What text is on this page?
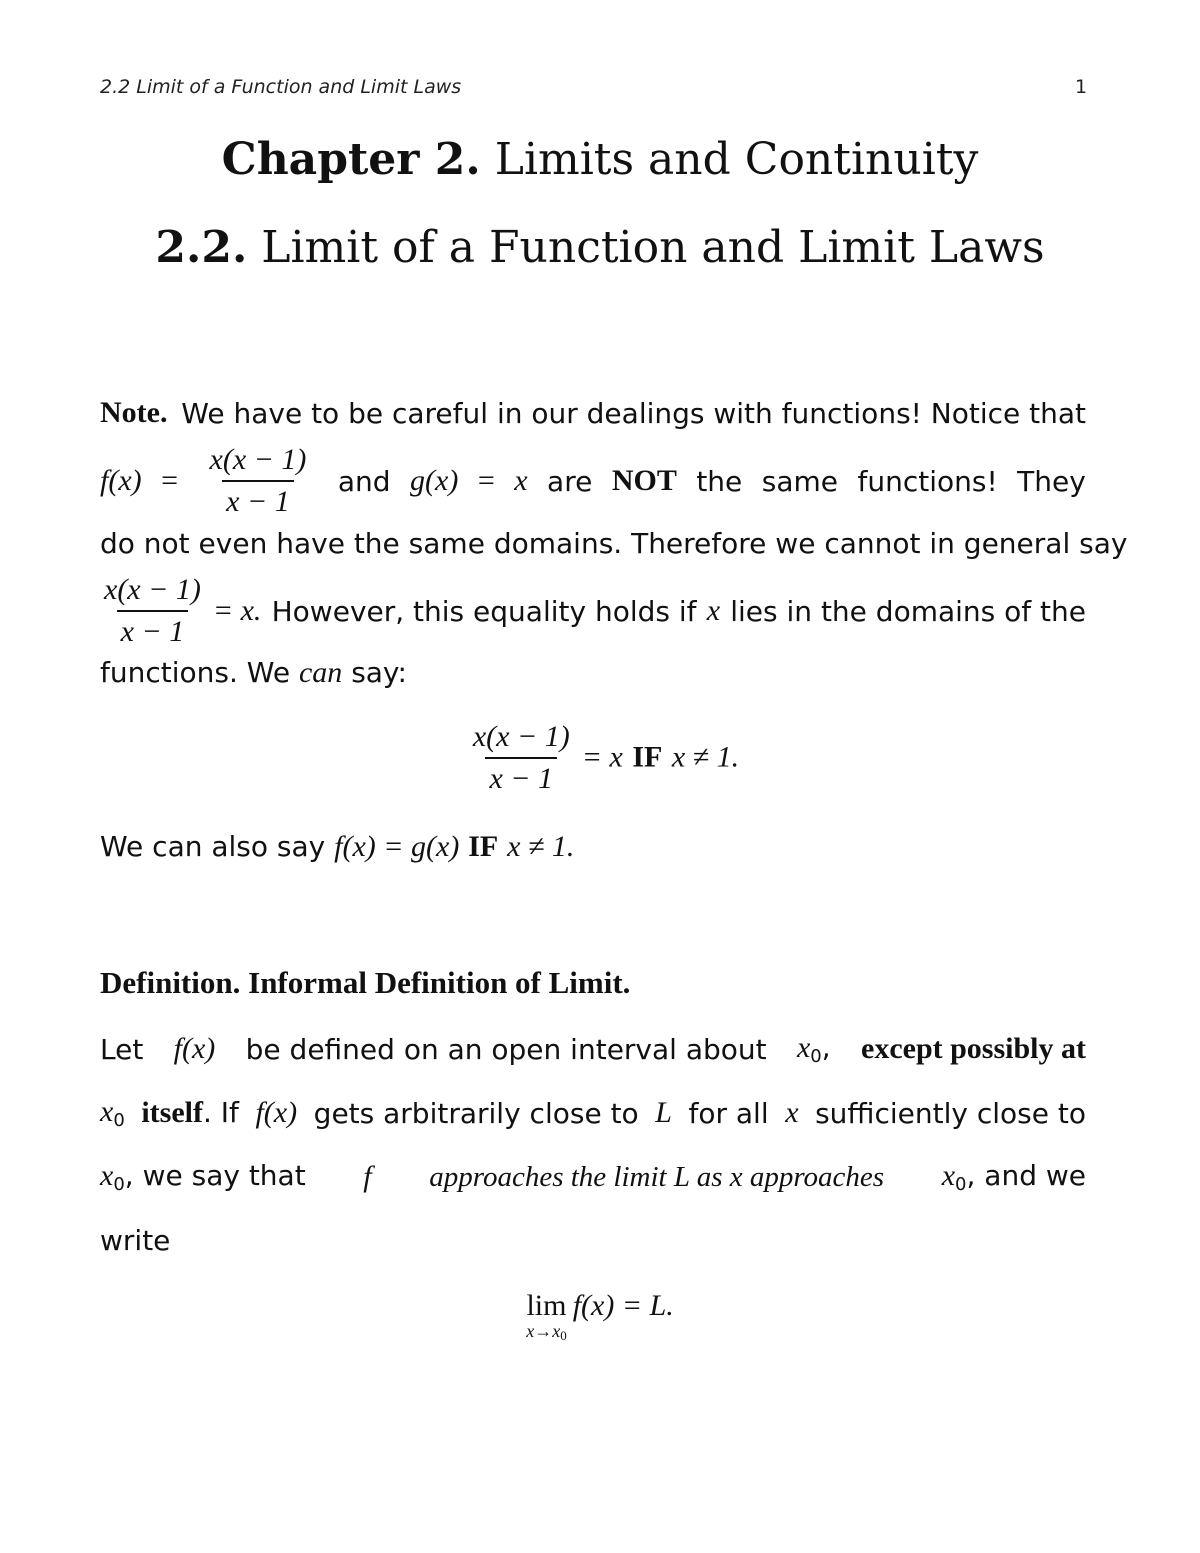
2.2 Limit of a Function and Limit Laws	1
Chapter 2. Limits and Continuity
2.2. Limit of a Function and Limit Laws
Note. We have to be careful in our dealings with functions! Notice that
$f(x) = \frac{x(x - 1)}{x - 1}$ and g(x) = x are NOT the same functions! They
do not even have the same domains. Therefore we cannot in general say
$\frac{x(x - 1)}{x - 1} = x$. However, this equality holds if x lies in the domains of the
functions. We can say:
$\frac{x(x - 1)}{x - 1} = x$ IF x ≠ 1.
We can also say f(x) = g(x) IF x ≠ 1.
Definition. Informal Definition of Limit.
Let f(x) be defined on an open interval about $x_0$, except possibly at
$x_0$ itself. If f(x) gets arbitrarily close to L for all x sufficiently close to
$x_0$, we say that f approaches the limit L as x approaches $x_0$, and we
write
lim
x→x0
f(x) = L.
